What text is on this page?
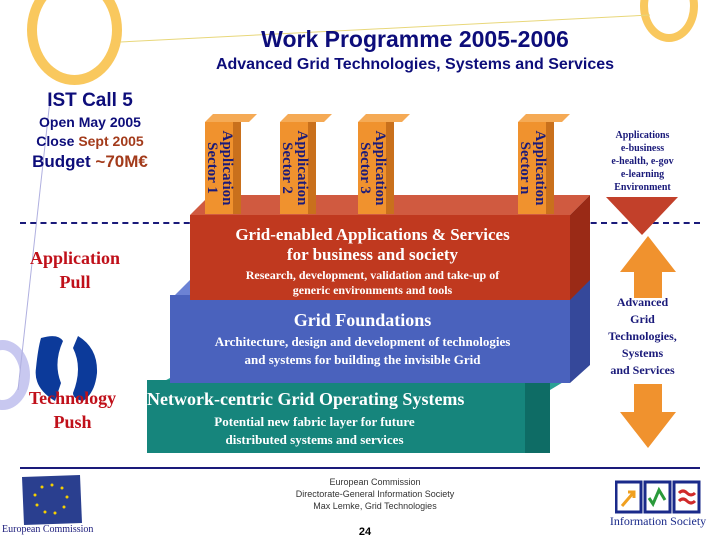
Work Programme 2005-2006
Advanced Grid Technologies, Systems and Services
IST Call 5
Open May 2005
Close Sept 2005
Budget ~70M€
Application
Pull
Technology
Push
Application
Sector 1	Application
Sector 2	Application
Sector 3	Application
Sector n
Grid-enabled Applications & Services
for business and society
Research, development, validation and take-up of
generic environments and tools
Grid Foundations
Architecture, design and development of technologies
and systems for building the invisible Grid
Network-centric Grid Operating Systems
Potential new fabric layer for future
distributed systems and services
Applications
e-business
e-health, e-gov
e-learning
Environment
Advanced
Grid
Technologies,
Systems
and Services
European Commission
European Commission
Directorate-General Information Society
Max Lemke, Grid Technologies
24
Information Society
